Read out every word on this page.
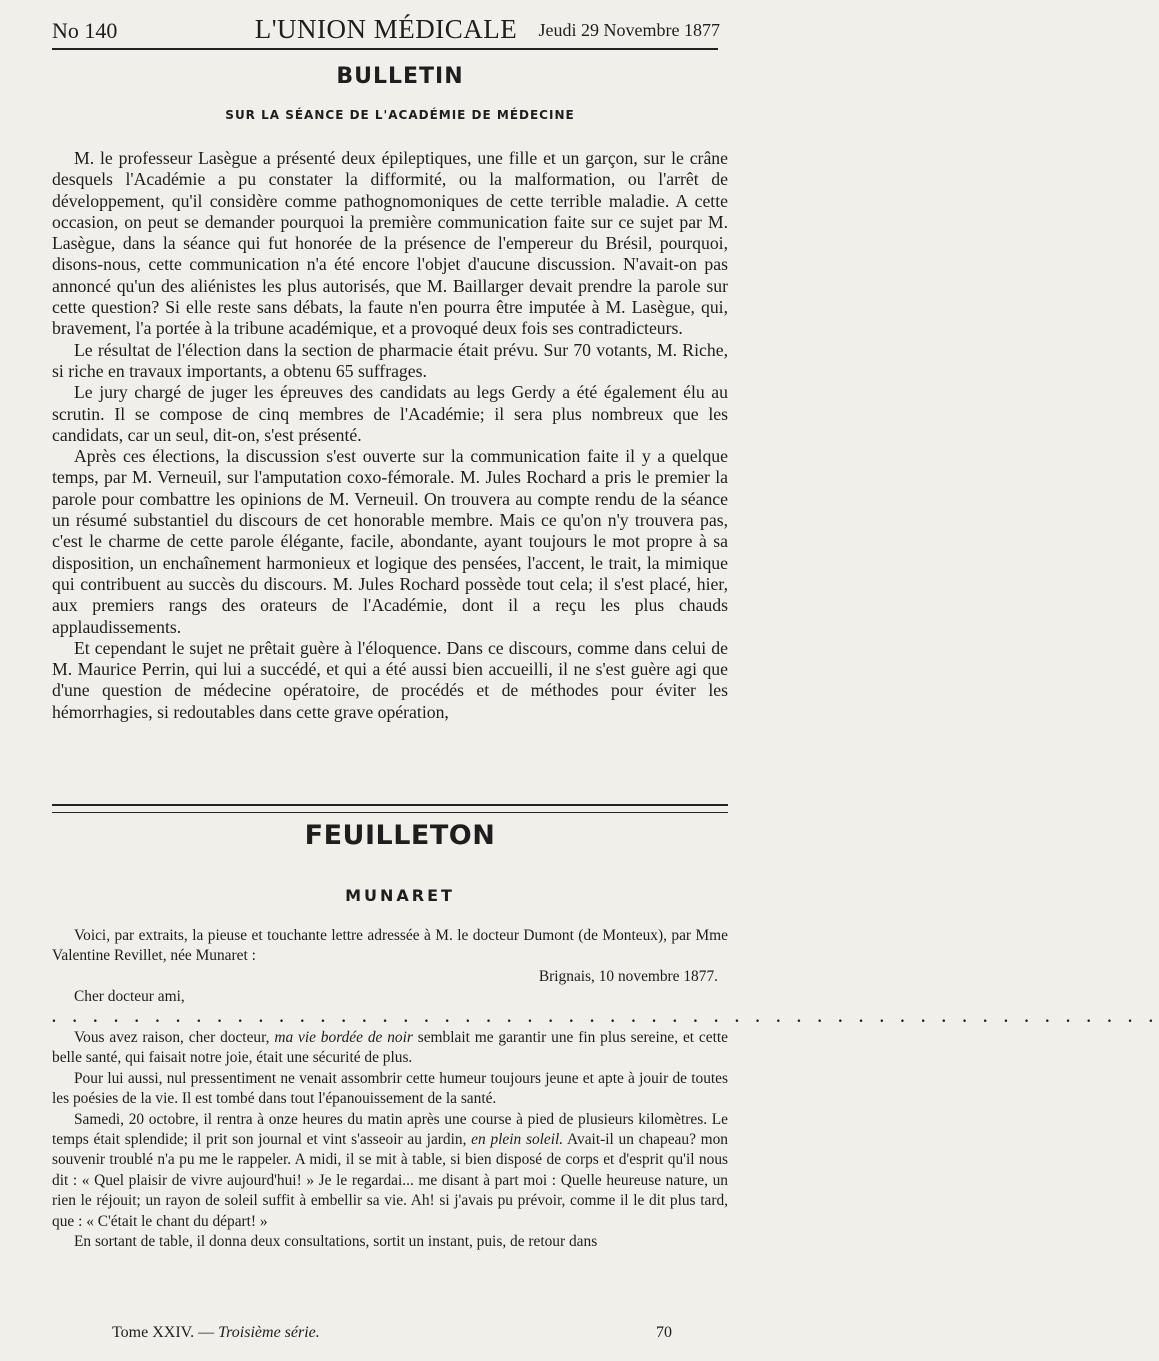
No 140	L'UNION MÉDICALE	Jeudi 29 Novembre 1877
BULLETIN
SUR LA SÉANCE DE L'ACADÉMIE DE MÉDECINE

M. le professeur Lasègue a présenté deux épileptiques, une fille et un garçon, sur le crâne desquels l'Académie a pu constater la difformité, ou la malformation, ou l'arrêt de développement, qu'il considère comme pathognomoniques de cette terrible maladie. A cette occasion, on peut se demander pourquoi la première communication faite sur ce sujet par M. Lasègue, dans la séance qui fut honorée de la présence de l'empereur du Brésil, pourquoi, disons-nous, cette communication n'a été encore l'objet d'aucune discussion. N'avait-on pas annoncé qu'un des aliénistes les plus autorisés, que M. Baillarger devait prendre la parole sur cette question? Si elle reste sans débats, la faute n'en pourra être imputée à M. Lasègue, qui, bravement, l'a portée à la tribune académique, et a provoqué deux fois ses contradicteurs.

Le résultat de l'élection dans la section de pharmacie était prévu. Sur 70 votants, M. Riche, si riche en travaux importants, a obtenu 65 suffrages.

Le jury chargé de juger les épreuves des candidats au legs Gerdy a été également élu au scrutin. Il se compose de cinq membres de l'Académie; il sera plus nombreux que les candidats, car un seul, dit-on, s'est présenté.

Après ces élections, la discussion s'est ouverte sur la communication faite il y a quelque temps, par M. Verneuil, sur l'amputation coxo-fémorale. M. Jules Rochard a pris le premier la parole pour combattre les opinions de M. Verneuil. On trouvera au compte rendu de la séance un résumé substantiel du discours de cet honorable membre. Mais ce qu'on n'y trouvera pas, c'est le charme de cette parole élégante, facile, abondante, ayant toujours le mot propre à sa disposition, un enchaînement harmonieux et logique des pensées, l'accent, le trait, la mimique qui contribuent au succès du discours. M. Jules Rochard possède tout cela; il s'est placé, hier, aux premiers rangs des orateurs de l'Académie, dont il a reçu les plus chauds applaudissements.

Et cependant le sujet ne prêtait guère à l'éloquence. Dans ce discours, comme dans celui de M. Maurice Perrin, qui lui a succédé, et qui a été aussi bien accueilli, il ne s'est guère agi que d'une question de médecine opératoire, de procédés et de méthodes pour éviter les hémorrhagies, si redoutables dans cette grave opération,

FEUILLETON
MUNARET

Voici, par extraits, la pieuse et touchante lettre adressée à M. le docteur Dumont (de Monteux), par Mme Valentine Revillet, née Munaret :

Brignais, 10 novembre 1877.

Cher docteur ami,

. . . . . . . . . . . . . . . . . . . . . . . . . . . . . . . . . . . . . . . . . . . . . . . . . . . . . .

Vous avez raison, cher docteur, ma vie bordée de noir semblait me garantir une fin plus sereine, et cette belle santé, qui faisait notre joie, était une sécurité de plus.

Pour lui aussi, nul pressentiment ne venait assombrir cette humeur toujours jeune et apte à jouir de toutes les poésies de la vie. Il est tombé dans tout l'épanouissement de la santé.

Samedi, 20 octobre, il rentra à onze heures du matin après une course à pied de plusieurs kilomètres. Le temps était splendide; il prit son journal et vint s'asseoir au jardin, en plein soleil. Avait-il un chapeau? mon souvenir troublé n'a pu me le rappeler. A midi, il se mit à table, si bien disposé de corps et d'esprit qu'il nous dit : « Quel plaisir de vivre aujourd'hui! » Je le regardai... me disant à part moi : Quelle heureuse nature, un rien le réjouit; un rayon de soleil suffit à embellir sa vie. Ah! si j'avais pu prévoir, comme il le dit plus tard, que : « C'était le chant du départ! »

En sortant de table, il donna deux consultations, sortit un instant, puis, de retour dans

Tome XXIV. — Troisième série.	70
